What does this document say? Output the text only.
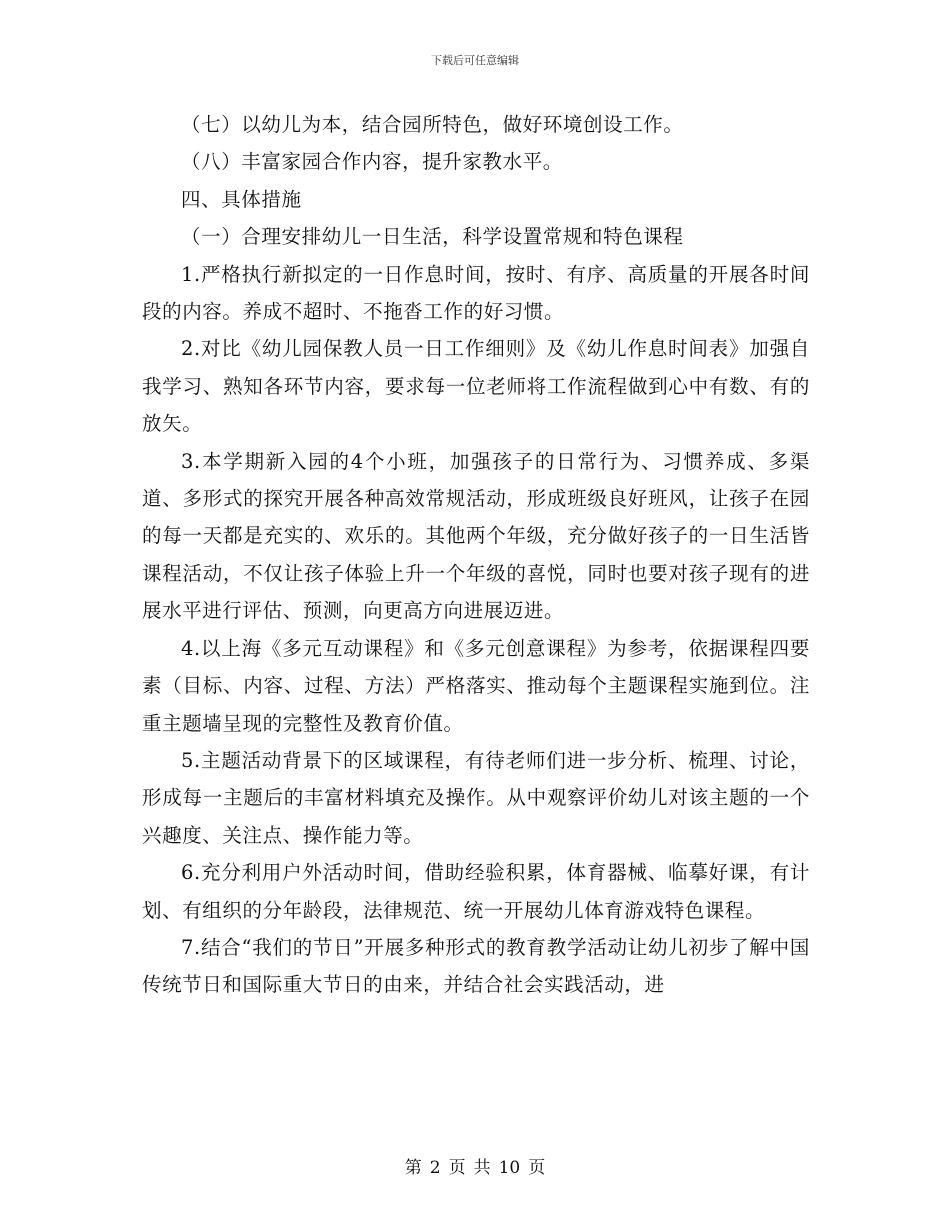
下载后可任意编辑

（七）以幼儿为本，结合园所特色，做好环境创设工作。

（八）丰富家园合作内容，提升家教水平。

四、具体措施

（一）合理安排幼儿一日生活，科学设置常规和特色课程

1.严格执行新拟定的一日作息时间，按时、有序、高质量的开展各时间段的内容。养成不超时、不拖沓工作的好习惯。

2.对比《幼儿园保教人员一日工作细则》及《幼儿作息时间表》加强自我学习、熟知各环节内容，要求每一位老师将工作流程做到心中有数、有的放矢。

3.本学期新入园的4个小班，加强孩子的日常行为、习惯养成、多渠道、多形式的探究开展各种高效常规活动，形成班级良好班风，让孩子在园的每一天都是充实的、欢乐的。其他两个年级，充分做好孩子的一日生活皆课程活动，不仅让孩子体验上升一个年级的喜悦，同时也要对孩子现有的进展水平进行评估、预测，向更高方向进展迈进。

4.以上海《多元互动课程》和《多元创意课程》为参考，依据课程四要素（目标、内容、过程、方法）严格落实、推动每个主题课程实施到位。注重主题墙呈现的完整性及教育价值。

5.主题活动背景下的区域课程，有待老师们进一步分析、梳理、讨论，形成每一主题后的丰富材料填充及操作。从中观察评价幼儿对该主题的一个兴趣度、关注点、操作能力等。

6.充分利用户外活动时间，借助经验积累，体育器械、临摹好课，有计划、有组织的分年龄段，法律规范、统一开展幼儿体育游戏特色课程。

7.结合“我们的节日”开展多种形式的教育教学活动让幼儿初步了解中国传统节日和国际重大节日的由来，并结合社会实践活动，进

第 2 页 共 10 页
